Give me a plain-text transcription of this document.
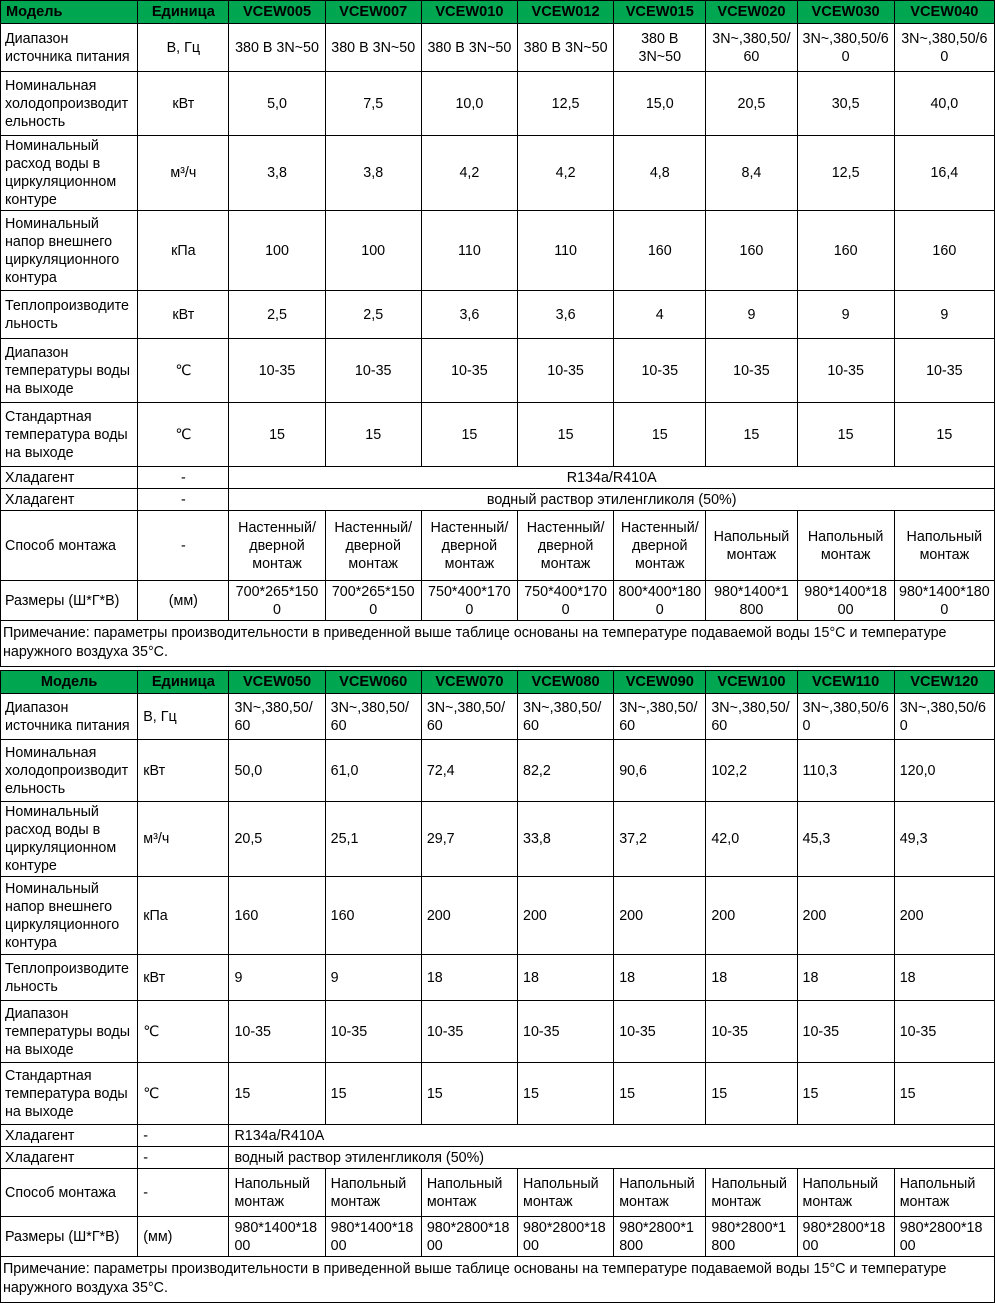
Модель	Единица	VCEW005	VCEW007	VCEW010	VCEW012	VCEW015	VCEW020	VCEW030	VCEW040
Диапазон источника питания	В, Гц	380 В 3N~50	380 В 3N~50	380 В 3N~50	380 В 3N~50	380 В 3N~50	3N~,380,50/60	3N~,380,50/60	3N~,380,50/60
Номинальная холодопроизводительность	кВт	5,0	7,5	10,0	12,5	15,0	20,5	30,5	40,0
Номинальный расход воды в циркуляционном контуре	м³/ч	3,8	3,8	4,2	4,2	4,8	8,4	12,5	16,4
Номинальный напор внешнего циркуляционного контура	кПа	100	100	110	110	160	160	160	160
Теплопроизводительность	кВт	2,5	2,5	3,6	3,6	4	9	9	9
Диапазон температуры воды на выходе	℃	10-35	10-35	10-35	10-35	10-35	10-35	10-35	10-35
Стандартная температура воды на выходе	℃	15	15	15	15	15	15	15	15
Хладагент	-	R134a/R410A							
Хладагент	-	водный раствор этиленгликоля (50%)							
Способ монтажа	-	Настенный/дверной монтаж	Настенный/дверной монтаж	Настенный/дверной монтаж	Настенный/дверной монтаж	Настенный/дверной монтаж	Напольный монтаж	Напольный монтаж	Напольный монтаж
Размеры (Ш*Г*В)	(мм)	700*265*1500	700*265*1500	750*400*1700	750*400*1700	800*400*1800	980*1400*1800	980*1400*1800	980*1400*1800
Примечание: параметры производительности в приведенной выше таблице основаны на температуре подаваемой воды 15°C и температуре наружного воздуха 35°C.
Модель	Единица	VCEW050	VCEW060	VCEW070	VCEW080	VCEW090	VCEW100	VCEW110	VCEW120
Диапазон источника питания	В, Гц	3N~,380,50/60	3N~,380,50/60	3N~,380,50/60	3N~,380,50/60	3N~,380,50/60	3N~,380,50/60	3N~,380,50/60	3N~,380,50/60
Номинальная холодопроизводительность	кВт	50,0	61,0	72,4	82,2	90,6	102,2	110,3	120,0
Номинальный расход воды в циркуляционном контуре	м³/ч	20,5	25,1	29,7	33,8	37,2	42,0	45,3	49,3
Номинальный напор внешнего циркуляционного контура	кПа	160	160	200	200	200	200	200	200
Теплопроизводительность	кВт	9	9	18	18	18	18	18	18
Диапазон температуры воды на выходе	℃	10-35	10-35	10-35	10-35	10-35	10-35	10-35	10-35
Стандартная температура воды на выходе	℃	15	15	15	15	15	15	15	15
Хладагент	-	R134a/R410A							
Хладагент	-	водный раствор этиленгликоля (50%)							
Способ монтажа	-	Напольный монтаж	Напольный монтаж	Напольный монтаж	Напольный монтаж	Напольный монтаж	Напольный монтаж	Напольный монтаж	Напольный монтаж
Размеры (Ш*Г*В)	(мм)	980*1400*1800	980*1400*1800	980*2800*1800	980*2800*1800	980*2800*1800	980*2800*1800	980*2800*1800	980*2800*1800
Примечание: параметры производительности в приведенной выше таблице основаны на температуре подаваемой воды 15°C и температуре наружного воздуха 35°C.
